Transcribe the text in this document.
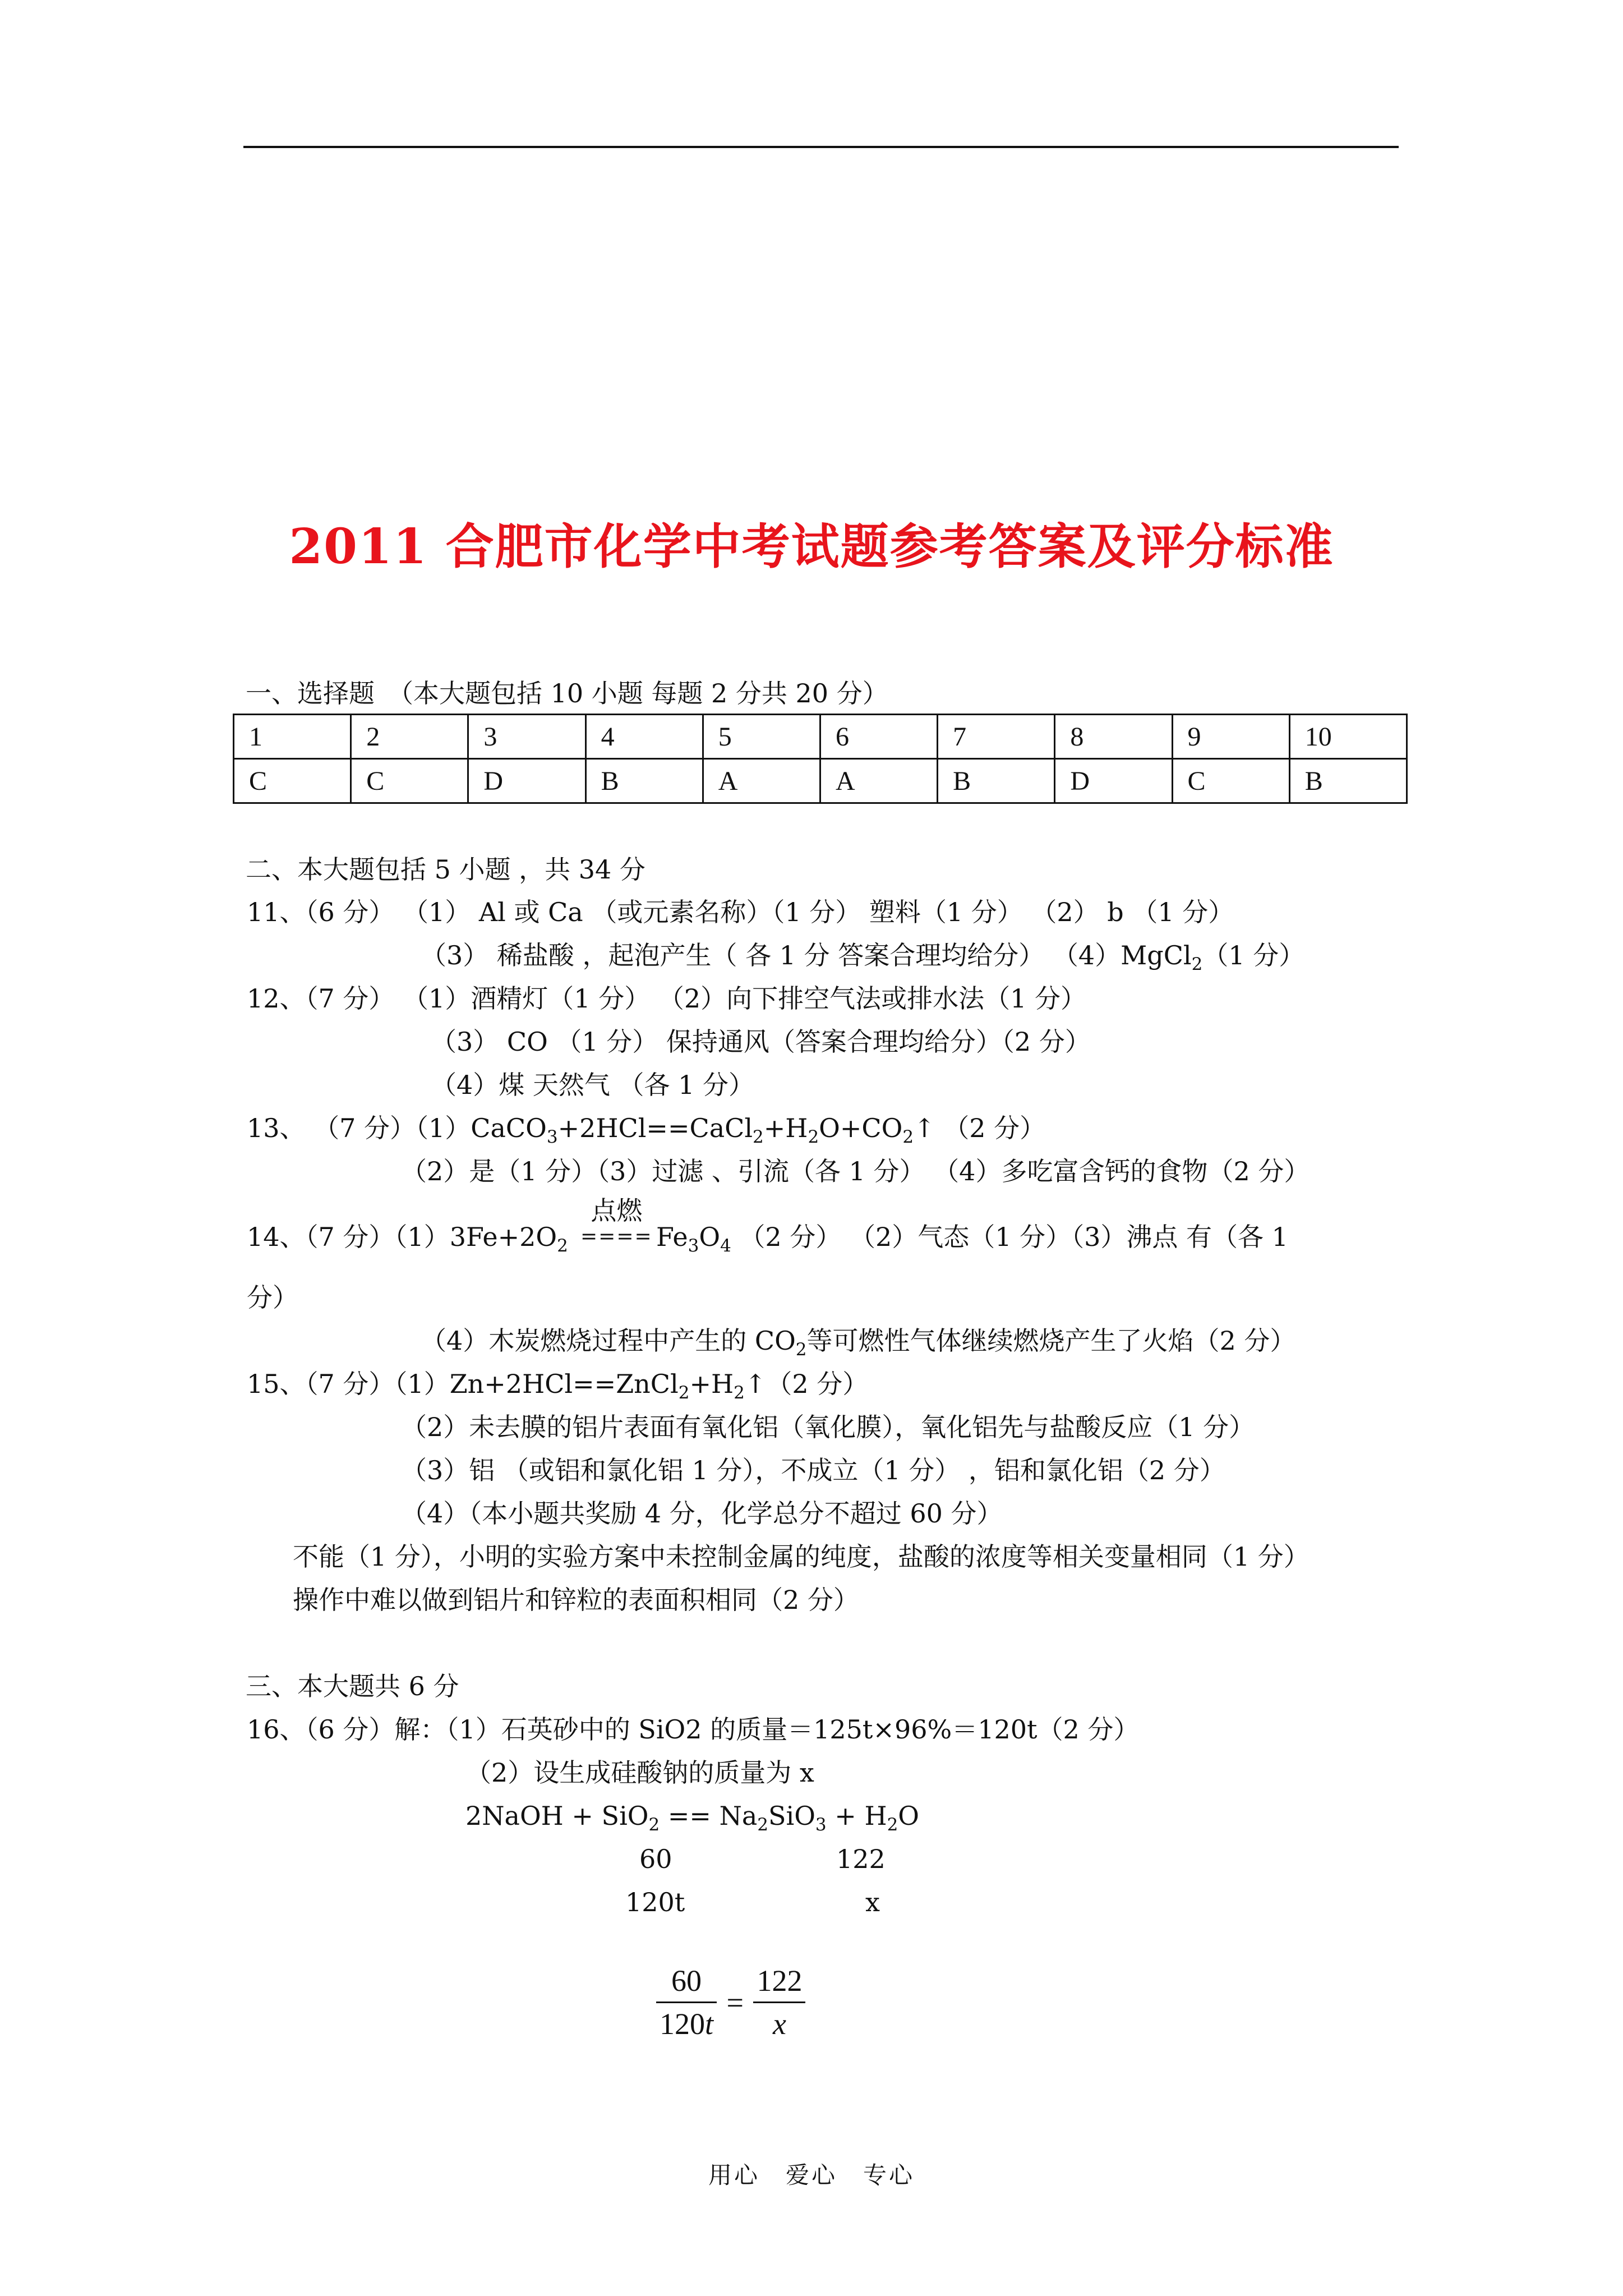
2011 合肥市化学中考试题参考答案及评分标准
一、选择题　（本大题包括 10 小题 每题 2 分共 20 分）
1	2	3	4	5	6	7	8	9	10
C	C	D	B	A	A	B	D	C	B
二、本大题包括 5 小题 ，共 34 分
11、（6 分） （1） Al 或 Ca （或元素名称）（1 分） 塑料（1 分） （2） b （1 分）
（3） 稀盐酸 ，起泡产生（ 各 1 分 答案合理均给分） （4）MgCl$_2$（1 分）
12、（7 分） （1）酒精灯（1 分） （2）向下排空气法或排水法（1 分）
（3） CO （1 分） 保持通风（答案合理均给分）（2 分）
（4）煤 天然气 （各 1 分）
13、 （7 分）$(1)CaCO_3+2HCl==CaCl_2+H_2O+CO_2↑$ （2 分）
（2）是（1 分）（3）过滤 、引流（各 1 分） （4）多吃富含钙的食物（2 分）
14、（7 分）$(1)3Fe+2O_2$
点燃
==== $Fe_3O_4$ （2 分） （2）气态（1 分）（3）沸点 有（各 1
分）
（4）木炭燃烧过程中产生的 $CO_2$等可燃性气体继续燃烧产生了火焰（2 分）
15、（7 分）$(1)Zn+2HCl==ZnCl_2+H_2↑(2$ 分）
（2）未去膜的铝片表面有氧化铝（氧化膜），氧化铝先与盐酸反应（1 分）
（3）铝 （或铝和氯化铝 1 分），不成立（1 分） ，铝和氯化铝（2 分）
（4）（本小题共奖励 4 分，化学总分不超过 60 分）
不能（1 分），小明的实验方案中未控制金属的纯度，盐酸的浓度等相关变量相同（1 分）
操作中难以做到铝片和锌粒的表面积相同（2 分）
三、本大题共 6 分
16、（6 分）解：（1）石英砂中的 SiO2 的质量＝125t×96%＝120t（2 分）
（2）设生成硅酸钠的质量为 x
2NaOH + $SiO_2 == Na_2SiO_3 + H_2O$
60                    122
120t                      x
$\frac{60}{120t} = \frac{122}{x}$
用心　爱心　专心
